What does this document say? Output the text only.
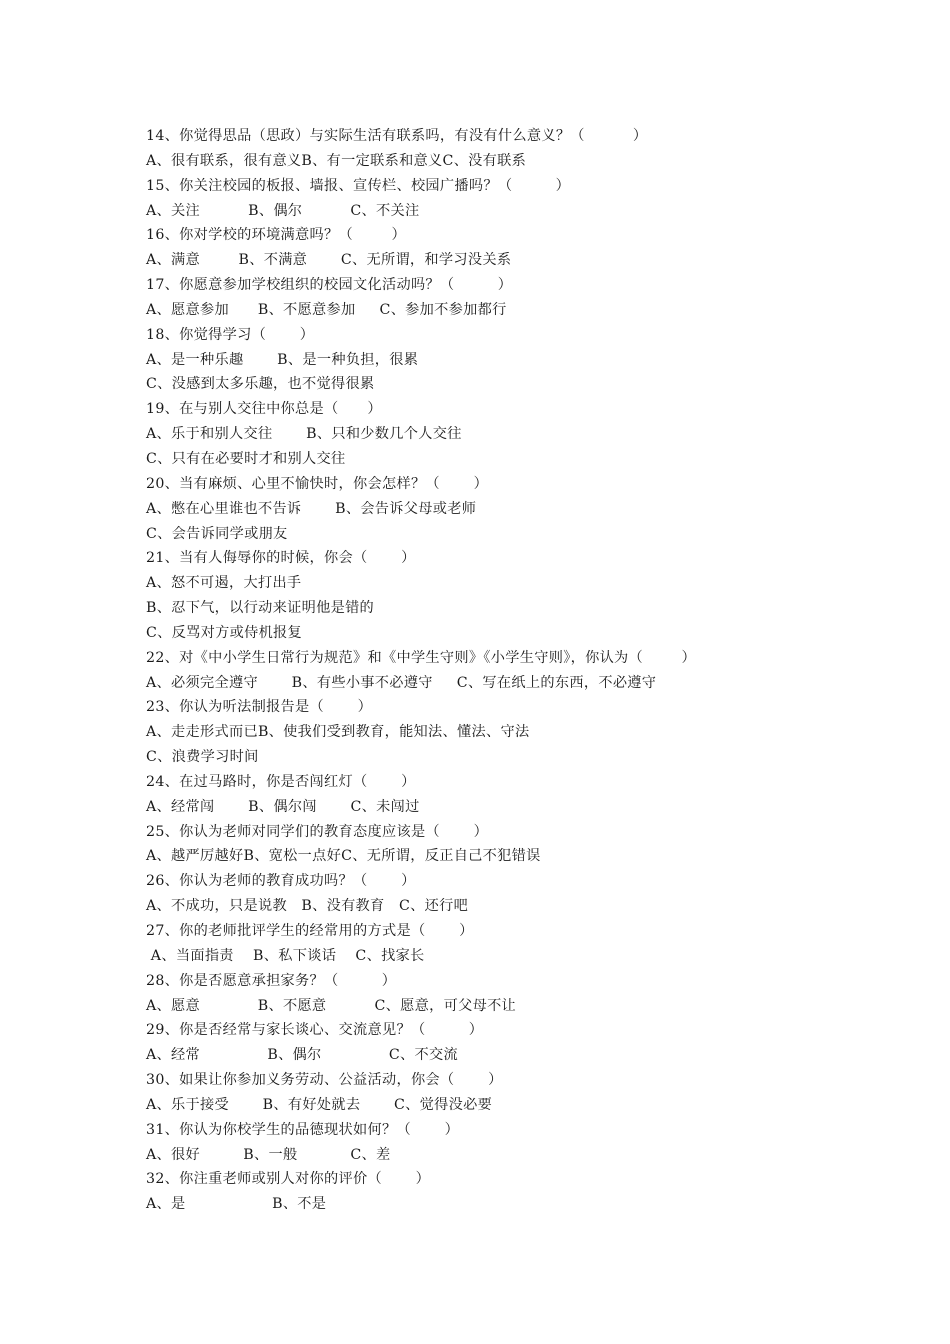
14、你觉得思品（思政）与实际生活有联系吗，有没有什么意义？（          ）
A、很有联系，很有意义B、有一定联系和意义C、没有联系
15、你关注校园的板报、墙报、宣传栏、校园广播吗？（         ）
A、关注          B、偶尔          C、不关注
16、你对学校的环境满意吗？（        ）
A、满意        B、不满意       C、无所谓，和学习没关系
17、你愿意参加学校组织的校园文化活动吗？（         ）
A、愿意参加      B、不愿意参加     C、参加不参加都行
18、你觉得学习（       ）
A、是一种乐趣       B、是一种负担，很累
C、没感到太多乐趣，也不觉得很累
19、在与别人交往中你总是（      ）
A、乐于和别人交往       B、只和少数几个人交往
C、只有在必要时才和别人交往
20、当有麻烦、心里不愉快时，你会怎样？（       ）
A、憋在心里谁也不告诉       B、会告诉父母或老师
C、会告诉同学或朋友
21、当有人侮辱你的时候，你会（       ）
A、怒不可遏，大打出手
B、忍下气，以行动来证明他是错的
C、反骂对方或侍机报复
22、对《中小学生日常行为规范》和《中学生守则》《小学生守则》，你认为（        ）
A、必须完全遵守       B、有些小事不必遵守     C、写在纸上的东西，不必遵守
23、你认为听法制报告是（       ）
A、走走形式而已B、使我们受到教育，能知法、懂法、守法
C、浪费学习时间
24、在过马路时，你是否闯红灯（       ）
A、经常闯       B、偶尔闯       C、未闯过
25、你认为老师对同学们的教育态度应该是（       ）
A、越严厉越好B、宽松一点好C、无所谓，反正自己不犯错误
26、你认为老师的教育成功吗？（       ）
A、不成功，只是说教   B、没有教育   C、还行吧
27、你的老师批评学生的经常用的方式是（       ）
A、当面指责    B、私下谈话    C、找家长
28、你是否愿意承担家务？（         ）
A、愿意            B、不愿意          C、愿意，可父母不让
29、你是否经常与家长谈心、交流意见？（         ）
A、经常              B、偶尔              C、不交流
30、如果让你参加义务劳动、公益活动，你会（       ）
A、乐于接受       B、有好处就去       C、觉得没必要
31、你认为你校学生的品德现状如何？（       ）
A、很好         B、一般           C、差
32、你注重老师或别人对你的评价（       ）
A、是                  B、不是
